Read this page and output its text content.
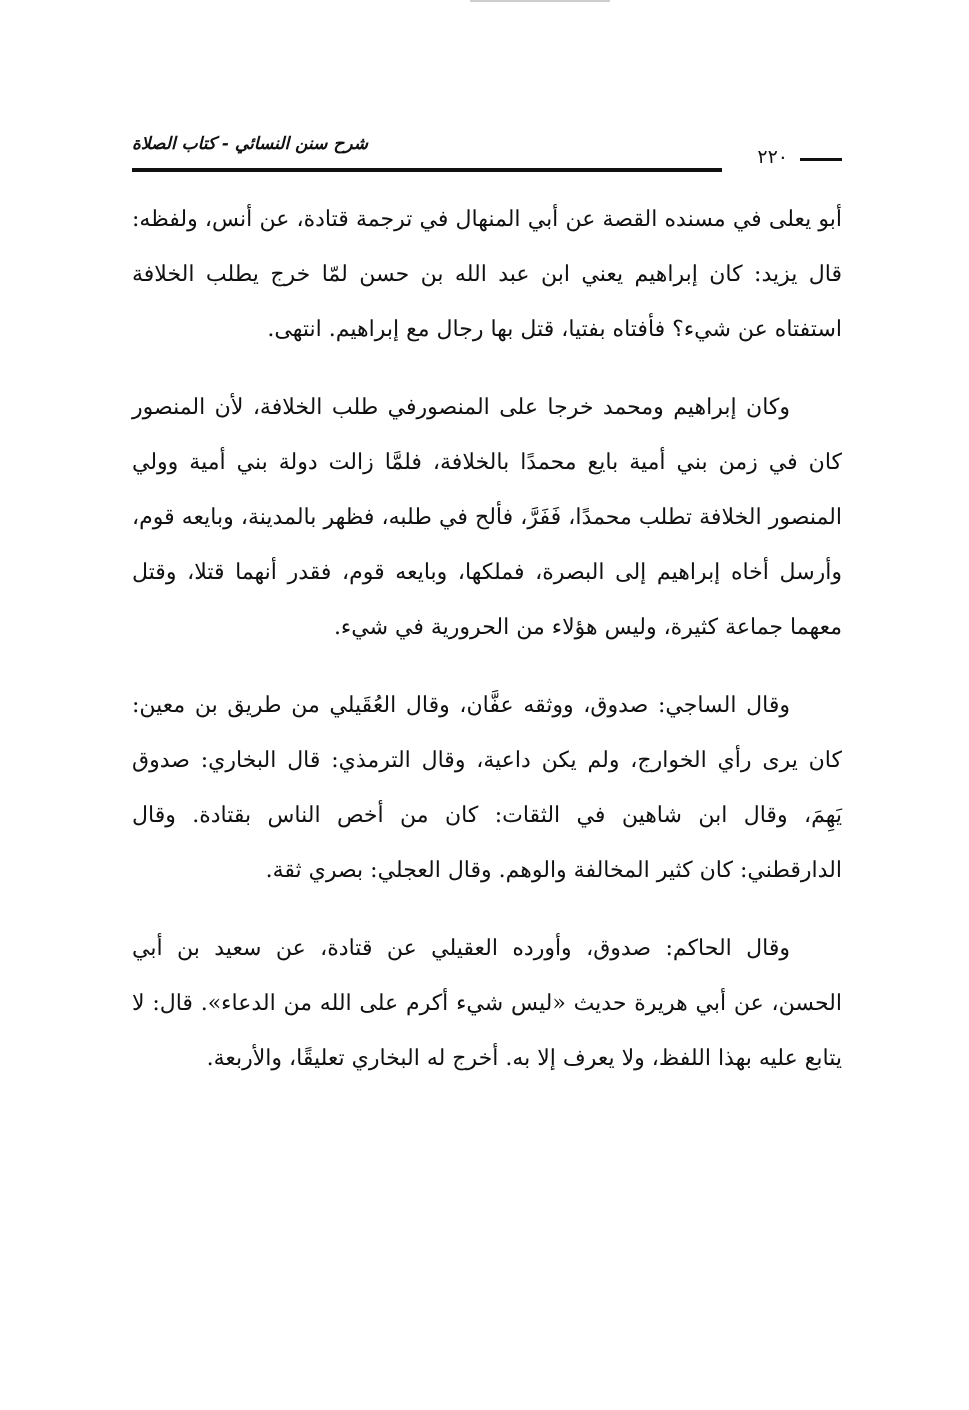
شرح سنن النسائي - كتاب الصلاة
٢٢٠

أبو يعلى في مسنده القصة عن أبي المنهال في ترجمة قتادة، عن أنس، ولفظه: قال يزيد: كان إبراهيم يعني ابن عبد الله بن حسن لمّا خرج يطلب الخلافة استفتاه عن شيء؟ فأفتاه بفتيا، قتل بها رجال مع إبراهيم. انتهى.

وكان إبراهيم ومحمد خرجا على المنصورفي طلب الخلافة، لأن المنصور كان في زمن بني أمية بايع محمدًا بالخلافة، فلمَّا زالت دولة بني أمية وولي المنصور الخلافة تطلب محمدًا، فَفَرَّ، فألح في طلبه، فظهر بالمدينة، وبايعه قوم، وأرسل أخاه إبراهيم إلى البصرة، فملكها، وبايعه قوم، فقدر أنهما قتلا، وقتل معهما جماعة كثيرة، وليس هؤلاء من الحرورية في شيء.

وقال الساجي: صدوق، ووثقه عفَّان، وقال العُقَيلي من طريق بن معين: كان يرى رأي الخوارج، ولم يكن داعية، وقال الترمذي: قال البخاري: صدوق يَهِمَ، وقال ابن شاهين في الثقات: كان من أخص الناس بقتادة. وقال الدارقطني: كان كثير المخالفة والوهم. وقال العجلي: بصري ثقة.

وقال الحاكم: صدوق، وأورده العقيلي عن قتادة، عن سعيد بن أبي الحسن، عن أبي هريرة حديث «ليس شيء أكرم على الله من الدعاء». قال: لا يتابع عليه بهذا اللفظ، ولا يعرف إلا به. أخرج له البخاري تعليقًا، والأربعة.
